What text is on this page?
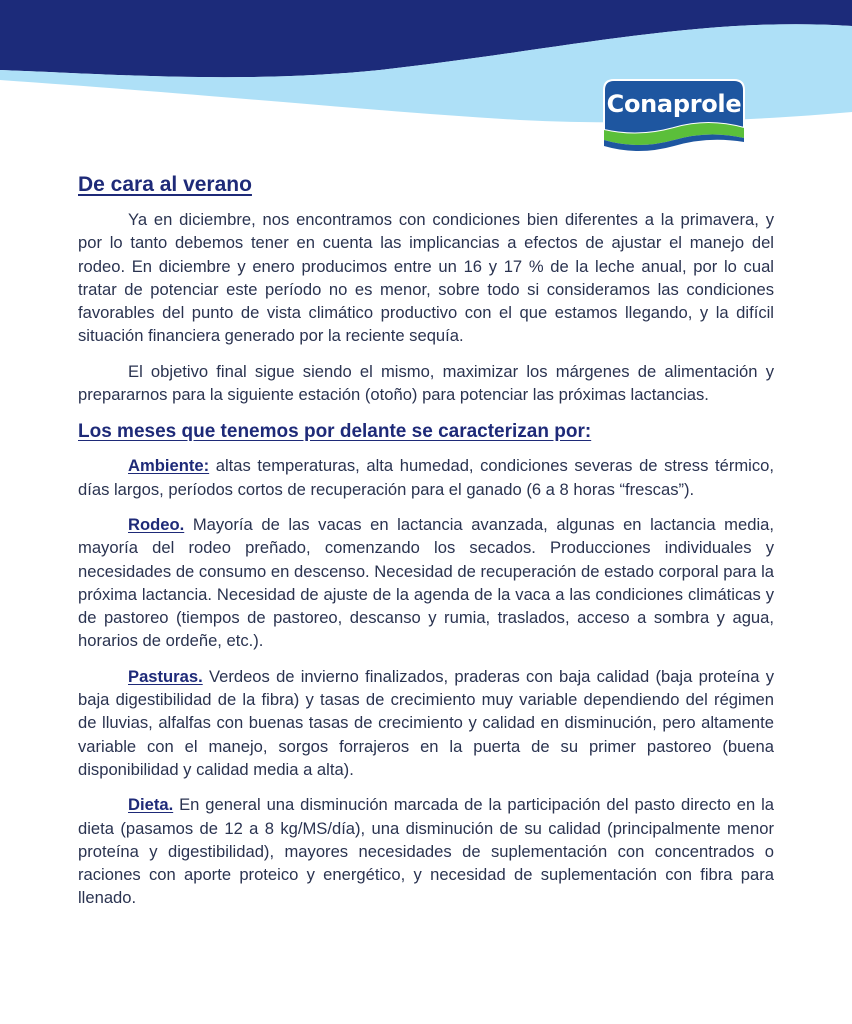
Conaprole
De cara al verano

Ya en diciembre, nos encontramos con condiciones bien diferentes a la primavera, y por lo tanto debemos tener en cuenta las implicancias a efectos de ajustar el manejo del rodeo. En diciembre y enero producimos entre un 16 y 17 % de la leche anual, por lo cual tratar de potenciar este período no es menor, sobre todo si consideramos las condiciones favorables del punto de vista climático productivo con el que estamos llegando, y la difícil situación financiera generado por la reciente sequía.

El objetivo final sigue siendo el mismo, maximizar los márgenes de alimentación y prepararnos para la siguiente estación (otoño) para potenciar las próximas lactancias.

Los meses que tenemos por delante se caracterizan por:

Ambiente: altas temperaturas, alta humedad, condiciones severas de stress térmico, días largos, períodos cortos de recuperación para el ganado (6 a 8 horas “frescas”).

Rodeo. Mayoría de las vacas en lactancia avanzada, algunas en lactancia media, mayoría del rodeo preñado, comenzando los secados. Producciones individuales y necesidades de consumo en descenso. Necesidad de recuperación de estado corporal para la próxima lactancia. Necesidad de ajuste de la agenda de la vaca a las condiciones climáticas y de pastoreo (tiempos de pastoreo, descanso y rumia, traslados, acceso a sombra y agua, horarios de ordeñe, etc.).

Pasturas. Verdeos de invierno finalizados, praderas con baja calidad (baja proteína y baja digestibilidad de la fibra) y tasas de crecimiento muy variable dependiendo del régimen de lluvias, alfalfas con buenas tasas de crecimiento y calidad en disminución, pero altamente variable con el manejo, sorgos forrajeros en la puerta de su primer pastoreo (buena disponibilidad y calidad media a alta).

Dieta. En general una disminución marcada de la participación del pasto directo en la dieta (pasamos de 12 a 8 kg/MS/día), una disminución de su calidad (principalmente menor proteína y digestibilidad), mayores necesidades de suplementación con concentrados o raciones con aporte proteico y energético, y necesidad de suplementación con fibra para llenado.
